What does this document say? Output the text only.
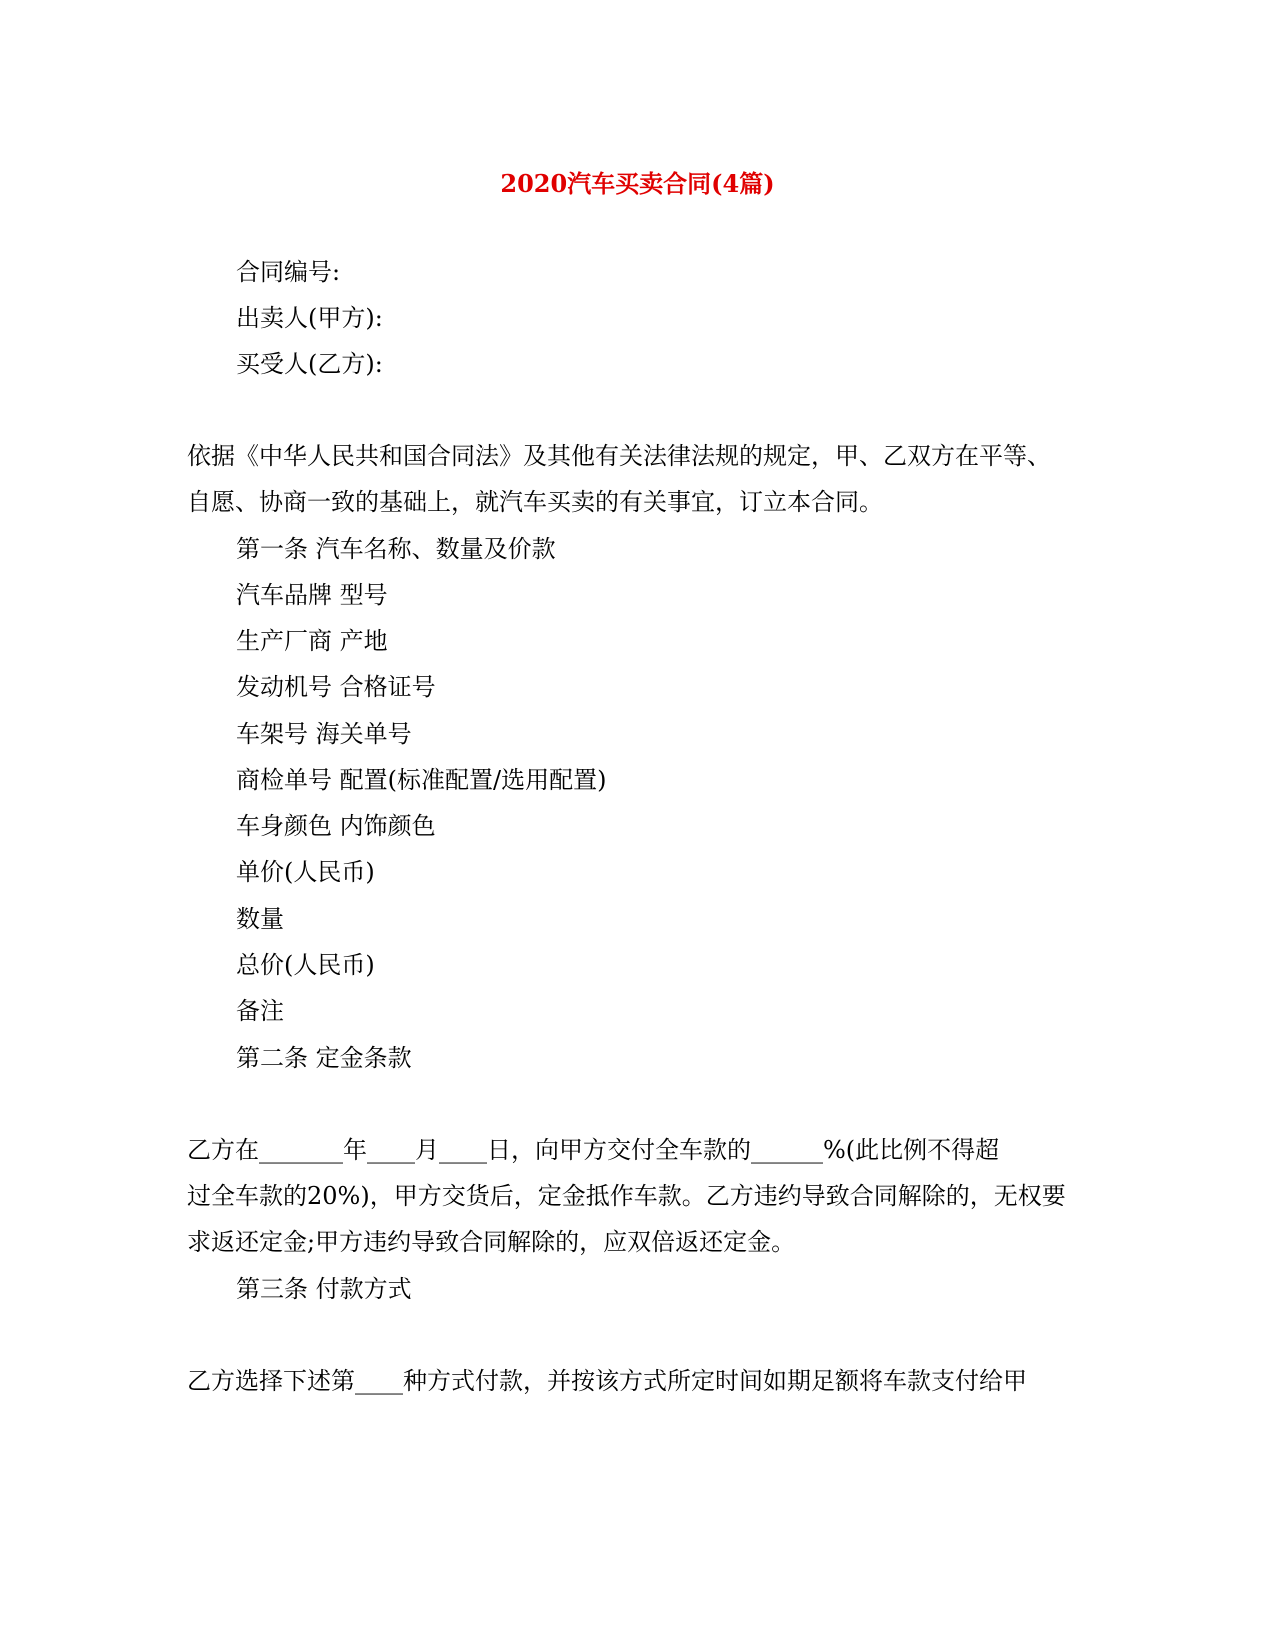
2020汽车买卖合同(4篇)
合同编号:
出卖人(甲方):
买受人(乙方):
依据《中华人民共和国合同法》及其他有关法律法规的规定，甲、乙双方在平等、
自愿、协商一致的基础上，就汽车买卖的有关事宜，订立本合同。
第一条 汽车名称、数量及价款
汽车品牌 型号
生产厂商 产地
发动机号 合格证号
车架号 海关单号
商检单号 配置(标准配置/选用配置)
车身颜色 内饰颜色
单价(人民币)
数量
总价(人民币)
备注
第二条 定金条款
乙方在_______年____月____日，向甲方交付全车款的______%(此比例不得超
过全车款的20%)，甲方交货后，定金抵作车款。乙方违约导致合同解除的，无权要
求返还定金;甲方违约导致合同解除的，应双倍返还定金。
第三条 付款方式
乙方选择下述第____种方式付款，并按该方式所定时间如期足额将车款支付给甲
